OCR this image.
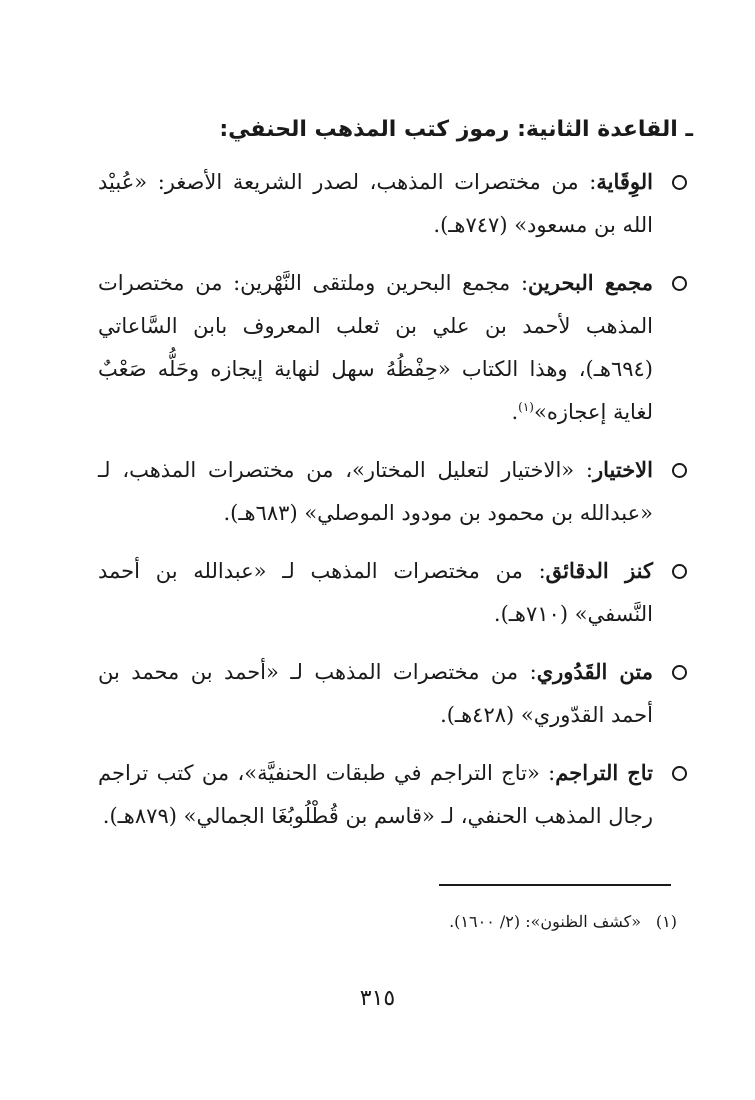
ـ القاعدة الثانية: رموز كتب المذهب الحنفي:
الوِقَاية: من مختصرات المذهب، لصدر الشريعة الأصغر: «عُبيْد الله بن مسعود» (٧٤٧هـ).
مجمع البحرين: مجمع البحرين وملتقى النَّهْرين: من مختصرات المذهب لأحمد بن علي بن ثعلب المعروف بابن السَّاعاتي (٦٩٤هـ)، وهذا الكتاب «حِفْظُهُ سهل لنهاية إيجازه وحَلُّه صَعْبٌ لغاية إعجازه»$^{(١)}$.
الاختيار: «الاختيار لتعليل المختار»، من مختصرات المذهب، لـ «عبدالله بن محمود بن مودود الموصلي» (٦٨٣هـ).
كنز الدقائق: من مختصرات المذهب لـ «عبدالله بن أحمد النَّسفي» (٧١٠هـ).
متن القَدُوري: من مختصرات المذهب لـ «أحمد بن محمد بن أحمد القدّوري» (٤٢٨هـ).
تاج التراجم: «تاج التراجم في طبقات الحنفيَّة»، من كتب تراجم رجال المذهب الحنفي، لـ «قاسم بن قُطْلُوبُغَا الجمالي» (٨٧٩هـ).
(١)«كشف الظنون»: (٢/ ١٦٠٠).
٣١٥
